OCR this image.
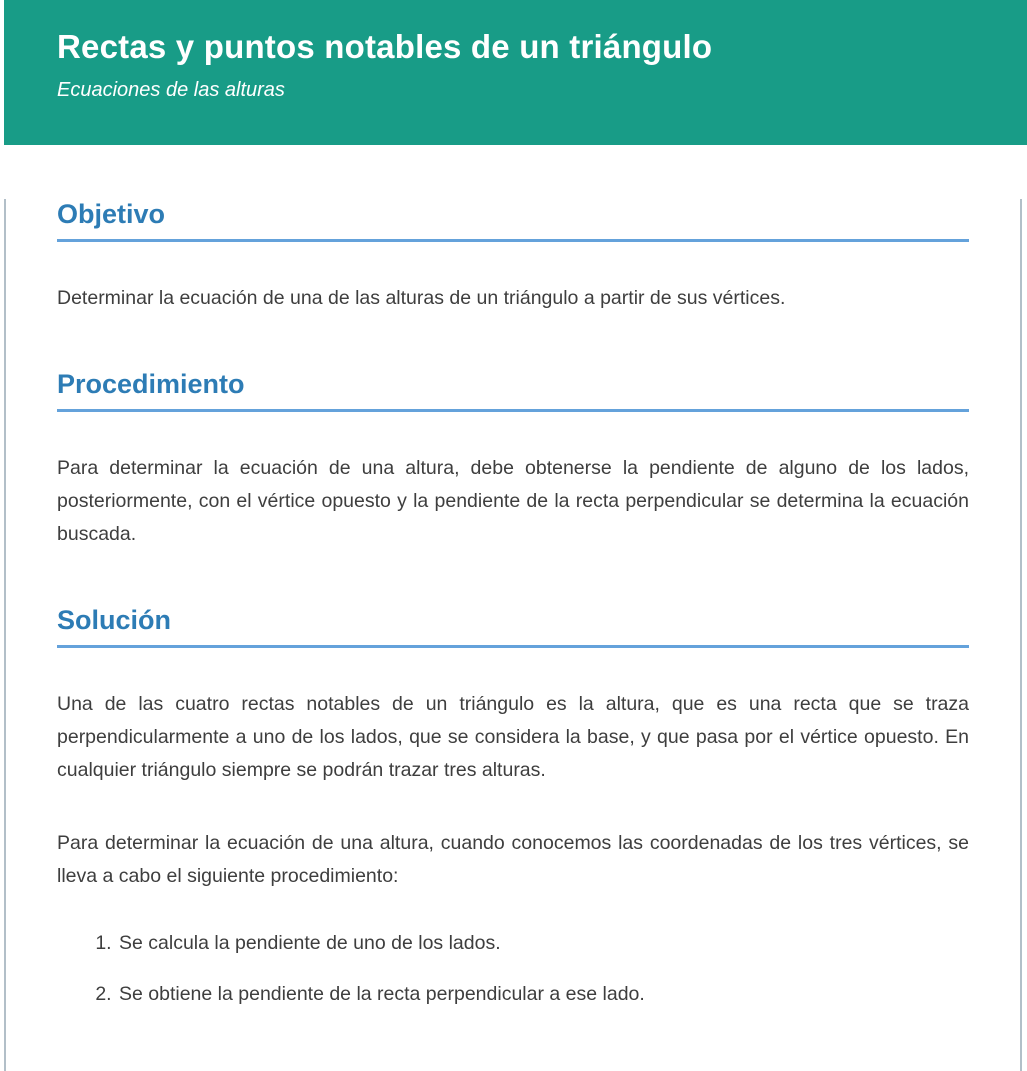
Rectas y puntos notables de un triángulo

Ecuaciones de las alturas

Objetivo

Determinar la ecuación de una de las alturas de un triángulo a partir de sus vértices.

Procedimiento

Para determinar la ecuación de una altura, debe obtenerse la pendiente de alguno de los lados, posteriormente, con el vértice opuesto y la pendiente de la recta perpendicular se determina la ecuación buscada.

Solución

Una de las cuatro rectas notables de un triángulo es la altura, que es una recta que se traza perpendicularmente a uno de los lados, que se considera la base, y que pasa por el vértice opuesto. En cualquier triángulo siempre se podrán trazar tres alturas.

Para determinar la ecuación de una altura, cuando conocemos las coordenadas de los tres vértices, se lleva a cabo el siguiente procedimiento:

1. Se calcula la pendiente de uno de los lados.
2. Se obtiene la pendiente de la recta perpendicular a ese lado.
